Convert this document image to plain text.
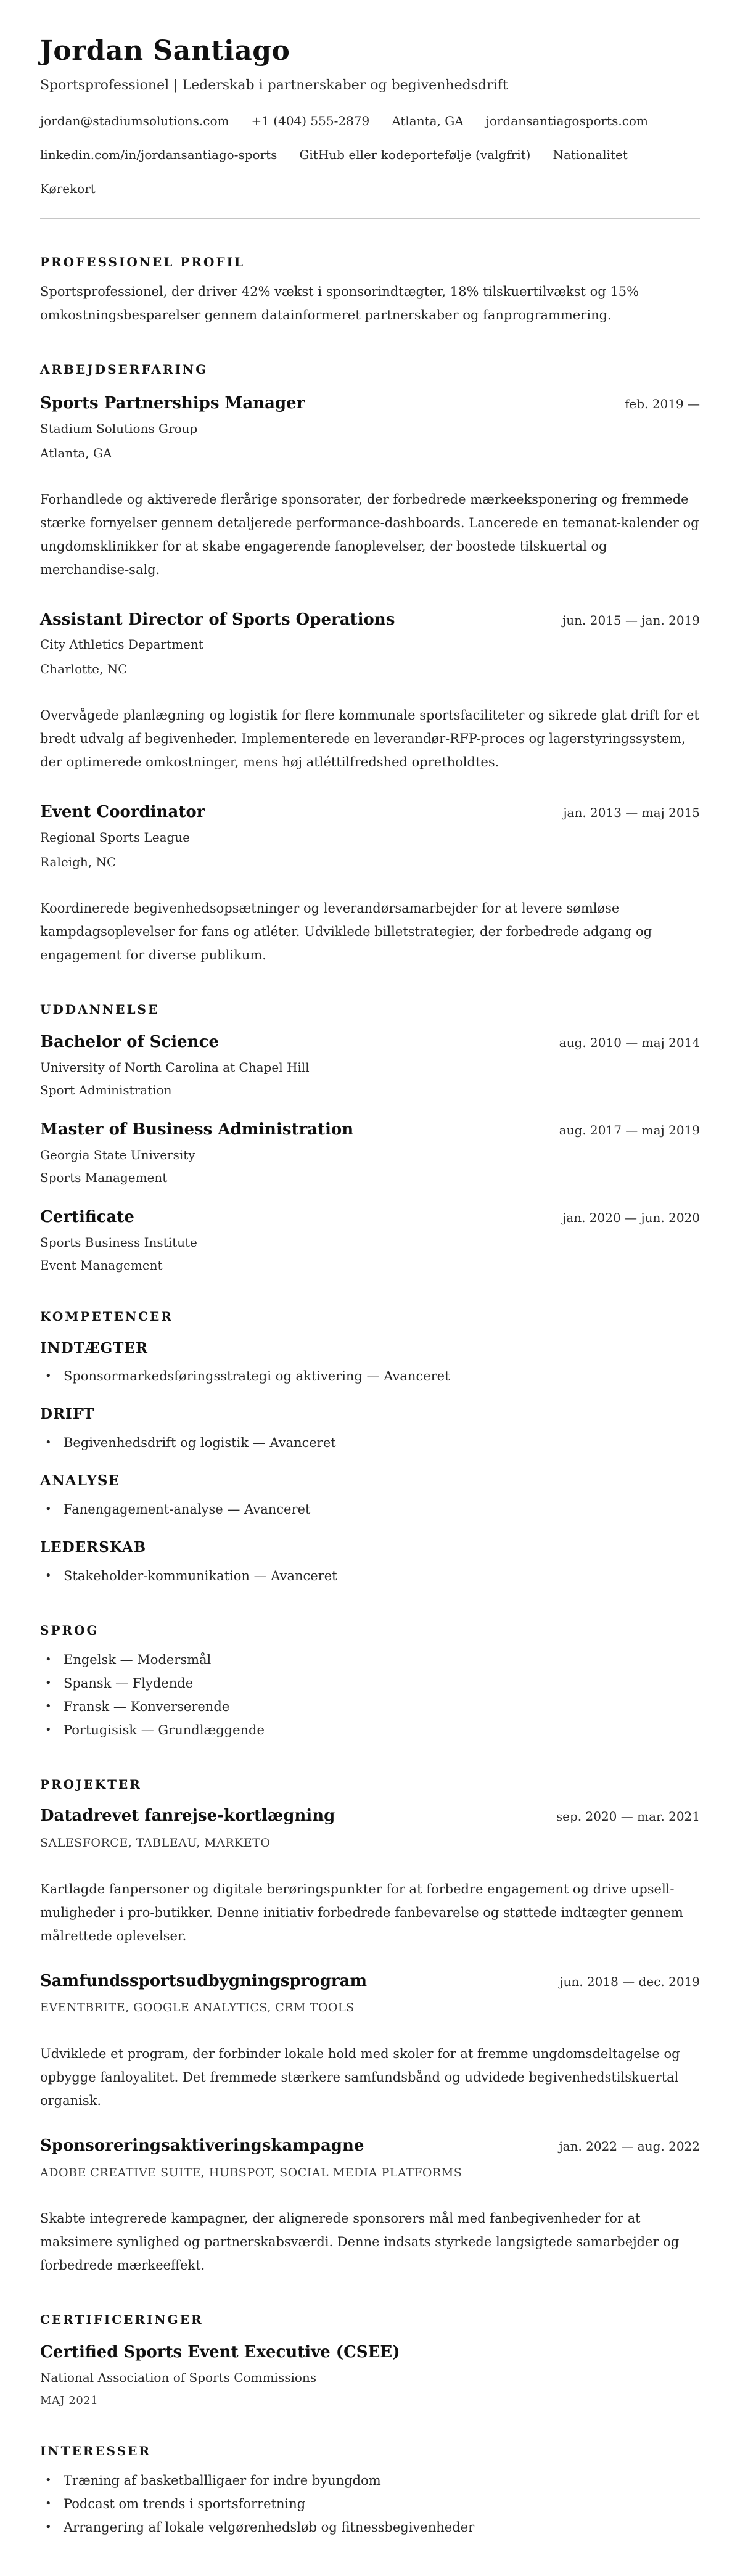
Jordan Santiago
Sportsprofessionel | Lederskab i partnerskaber og begivenhedsdrift
jordan@stadiumsolutions.com +1 (404) 555-2879 Atlanta, GA jordansantiagosports.com
linkedin.com/in/jordansantiago-sports GitHub eller kodeportefølje (valgfrit) Nationalitet
Kørekort
PROFESSIONEL PROFIL

Sportsprofessionel, der driver 42% vækst i sponsorindtægter, 18% tilskuertilvækst og 15% omkostningsbesparelser gennem datainformeret partnerskaber og fanprogrammering.

ARBEJDSERFARING
Sports Partnerships Manager	feb. 2019 —
Stadium Solutions Group
Atlanta, GA

Forhandlede og aktiverede flerårige sponsorater, der forbedrede mærkeeksponering og fremmede stærke fornyelser gennem detaljerede performance-dashboards. Lancerede en temanat-kalender og ungdomsklinikker for at skabe engagerende fanoplevelser, der boostede tilskuertal og merchandise-salg.

Assistant Director of Sports Operations	jun. 2015 — jan. 2019
City Athletics Department
Charlotte, NC

Overvågede planlægning og logistik for flere kommunale sportsfaciliteter og sikrede glat drift for et bredt udvalg af begivenheder. Implementerede en leverandør-RFP-proces og lagerstyringssystem, der optimerede omkostninger, mens høj atléttilfredshed opretholdtes.

Event Coordinator	jan. 2013 — maj 2015
Regional Sports League
Raleigh, NC

Koordinerede begivenhedsopsætninger og leverandørsamarbejder for at levere sømløse kampdagsoplevelser for fans og atléter. Udviklede billetstrategier, der forbedrede adgang og engagement for diverse publikum.

UDDANNELSE
Bachelor of Science	aug. 2010 — maj 2014
University of North Carolina at Chapel Hill
Sport Administration
Master of Business Administration	aug. 2017 — maj 2019
Georgia State University
Sports Management
Certificate	jan. 2020 — jun. 2020
Sports Business Institute
Event Management
KOMPETENCER
INDTÆGTER
• Sponsormarkedsføringsstrategi og aktivering — Avanceret
DRIFT
• Begivenhedsdrift og logistik — Avanceret
ANALYSE
• Fanengagement-analyse — Avanceret
LEDERSKAB
• Stakeholder-kommunikation — Avanceret
SPROG
• Engelsk — Modersmål
• Spansk — Flydende
• Fransk — Konverserende
• Portugisisk — Grundlæggende
PROJEKTER
Datadrevet fanrejse-kortlægning	sep. 2020 — mar. 2021
SALESFORCE, TABLEAU, MARKETO

Kartlagde fanpersoner og digitale berøringspunkter for at forbedre engagement og drive upsell-muligheder i pro-butikker. Denne initiativ forbedrede fanbevarelse og støttede indtægter gennem målrettede oplevelser.

Samfundssportsudbygningsprogram	jun. 2018 — dec. 2019
EVENTBRITE, GOOGLE ANALYTICS, CRM TOOLS

Udviklede et program, der forbinder lokale hold med skoler for at fremme ungdomsdeltagelse og opbygge fanloyalitet. Det fremmede stærkere samfundsbånd og udvidede begivenhedstilskuertal organisk.

Sponsoreringsaktiveringskampagne	jan. 2022 — aug. 2022
ADOBE CREATIVE SUITE, HUBSPOT, SOCIAL MEDIA PLATFORMS

Skabte integrerede kampagner, der alignerede sponsorers mål med fanbegivenheder for at maksimere synlighed og partnerskabsværdi. Denne indsats styrkede langsigtede samarbejder og forbedrede mærkeeffekt.

CERTIFICERINGER
Certified Sports Event Executive (CSEE)
National Association of Sports Commissions
MAJ 2021
INTERESSER
• Træning af basketballligaer for indre byungdom
• Podcast om trends i sportsforretning
• Arrangering af lokale velgørenhedsløb og fitnessbegivenheder
